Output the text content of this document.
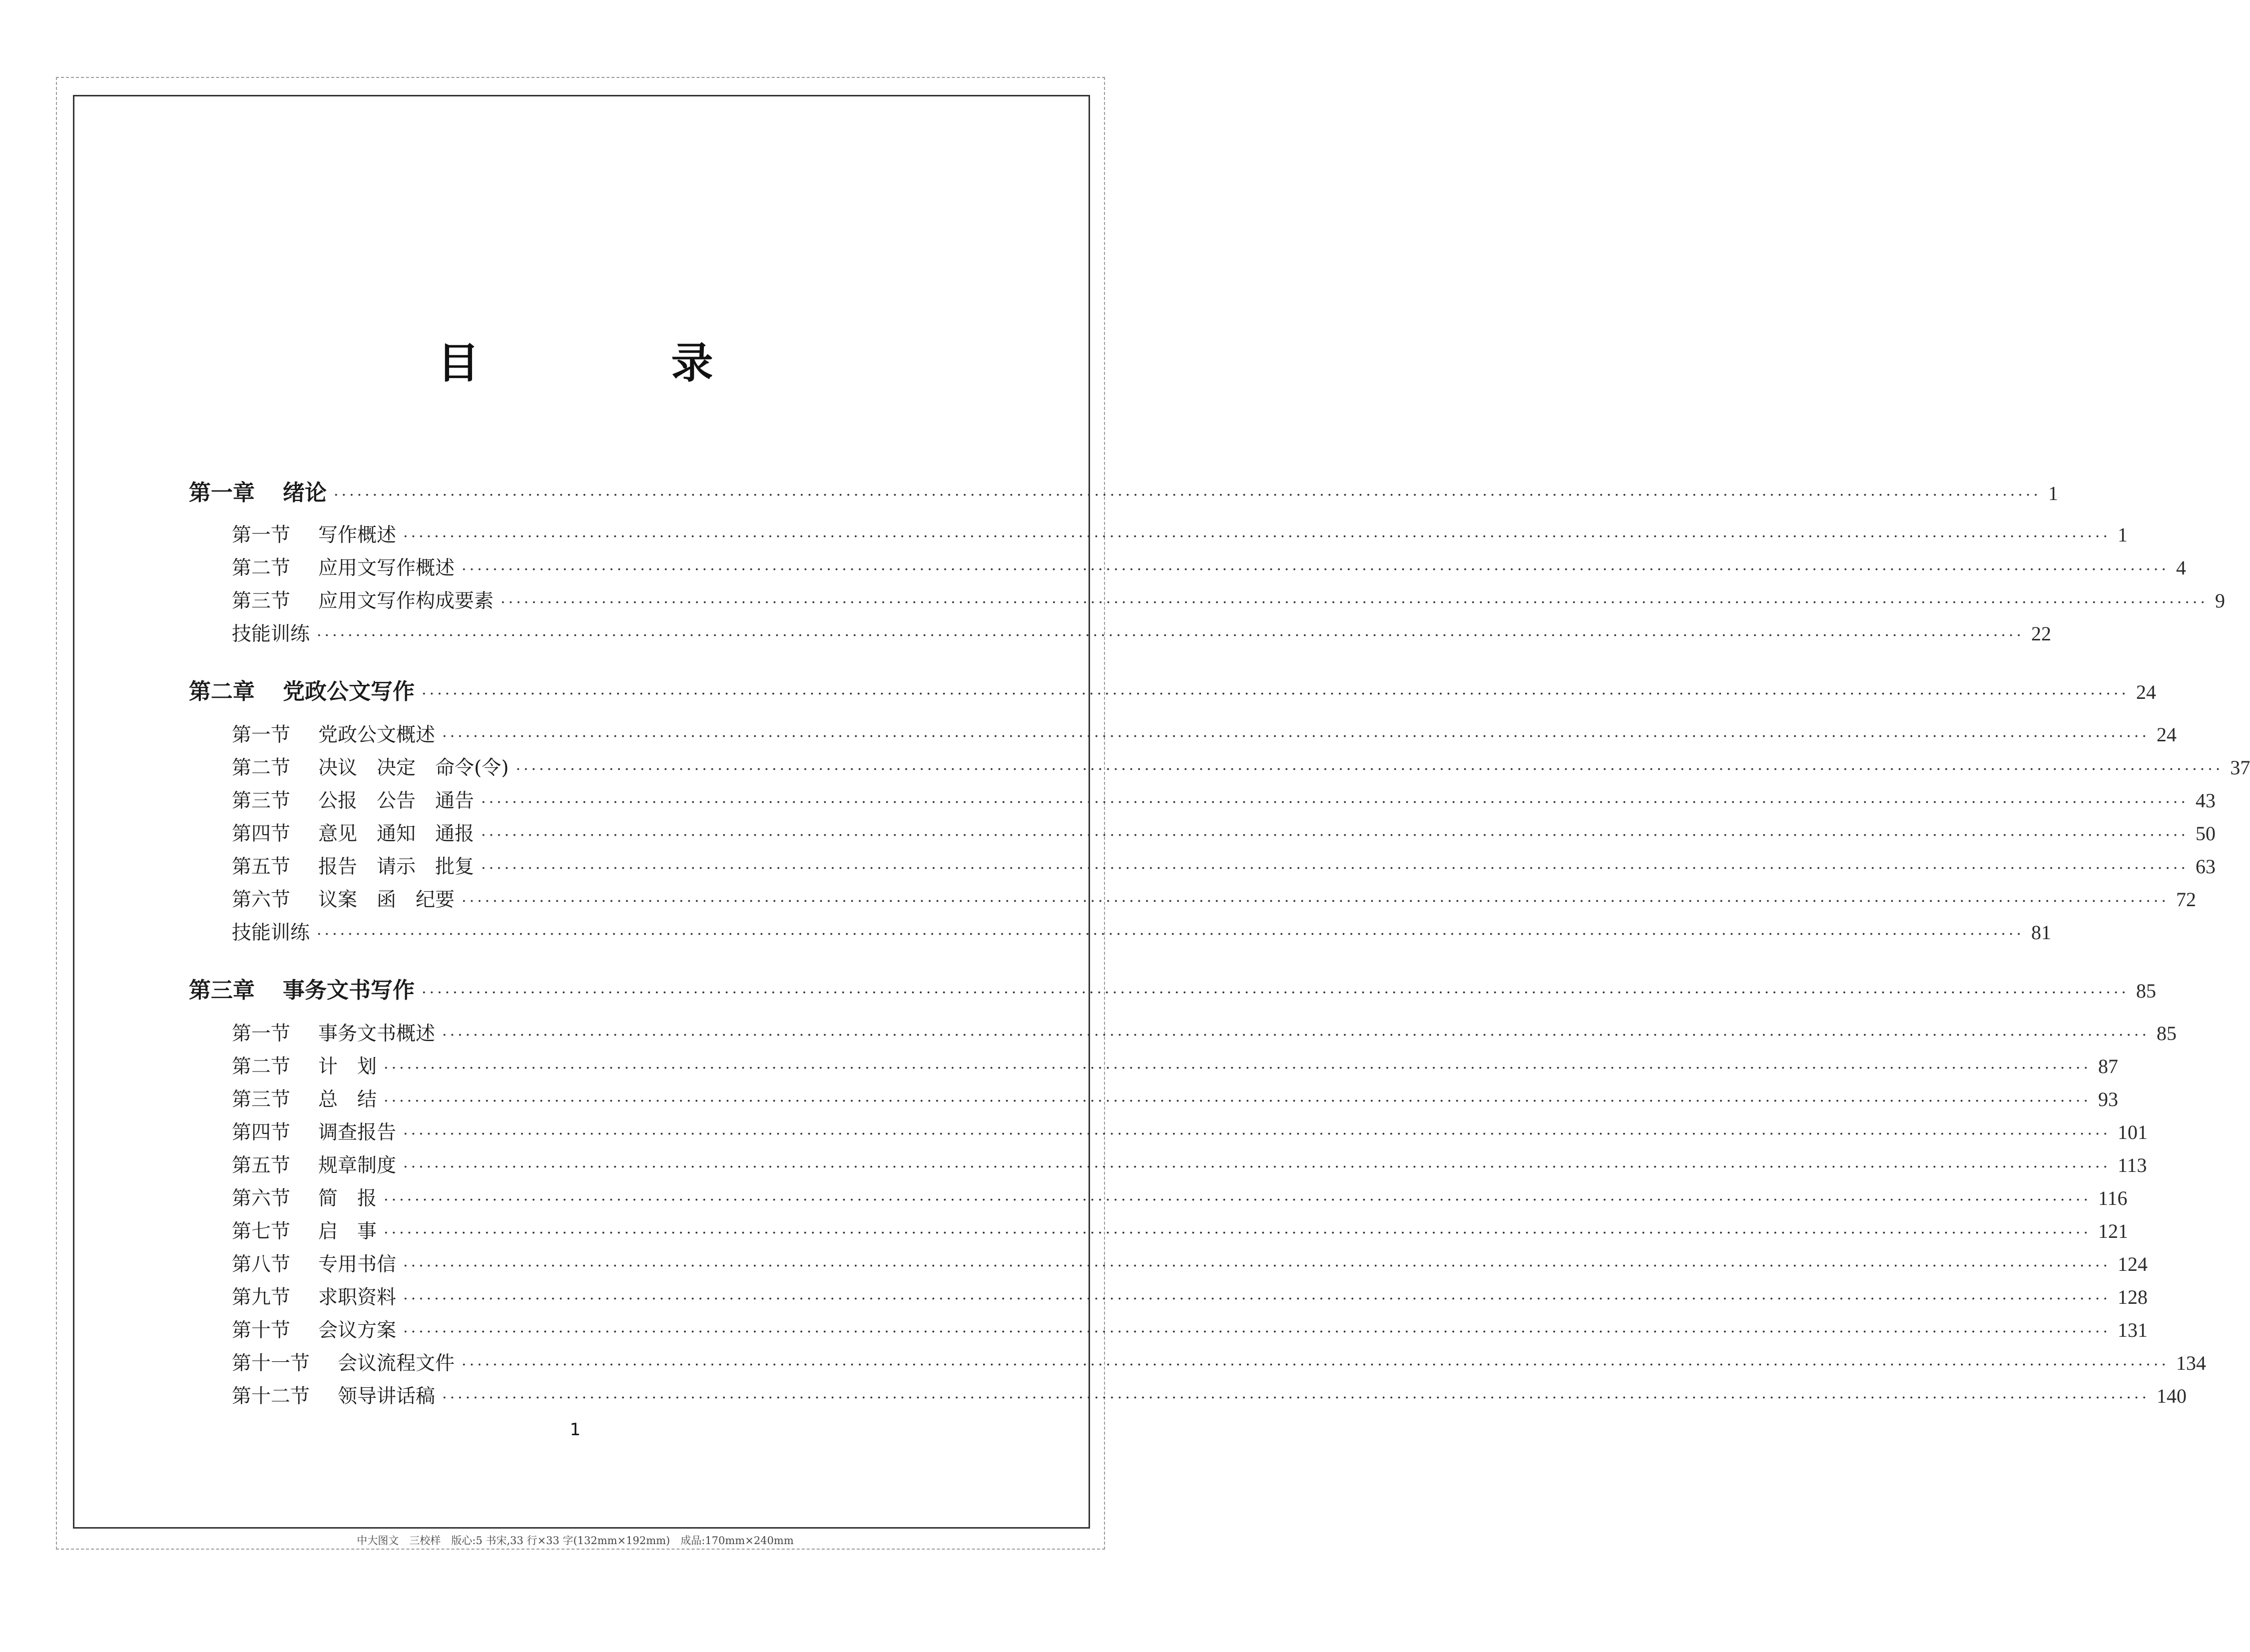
目　录
第一章 绪论 ···························································································································································································································· 1
第一节 写作概述 ···························································································································································································································· 1
第二节 应用文写作概述 ···························································································································································································································· 4
第三节 应用文写作构成要素 ···························································································································································································································· 9
技能训练 ···························································································································································································································· 22
第二章 党政公文写作 ···························································································································································································································· 24
第一节 党政公文概述 ···························································································································································································································· 24
第二节 决议　决定　命令(令) ···························································································································································································································· 37
第三节 公报　公告　通告 ···························································································································································································································· 43
第四节 意见　通知　通报 ···························································································································································································································· 50
第五节 报告　请示　批复 ···························································································································································································································· 63
第六节 议案　函　纪要 ···························································································································································································································· 72
技能训练 ···························································································································································································································· 81
第三章 事务文书写作 ···························································································································································································································· 85
第一节 事务文书概述 ···························································································································································································································· 85
第二节 计　划 ···························································································································································································································· 87
第三节 总　结 ···························································································································································································································· 93
第四节 调查报告 ···························································································································································································································· 101
第五节 规章制度 ···························································································································································································································· 113
第六节 简　报 ···························································································································································································································· 116
第七节 启　事 ···························································································································································································································· 121
第八节 专用书信 ···························································································································································································································· 124
第九节 求职资料 ···························································································································································································································· 128
第十节 会议方案 ···························································································································································································································· 131
第十一节 会议流程文件 ···························································································································································································································· 134
第十二节 领导讲话稿 ···························································································································································································································· 140
1
中大图文　三校样　版心:5 书宋,33 行×33 字(132mm×192mm)　成品:170mm×240mm
